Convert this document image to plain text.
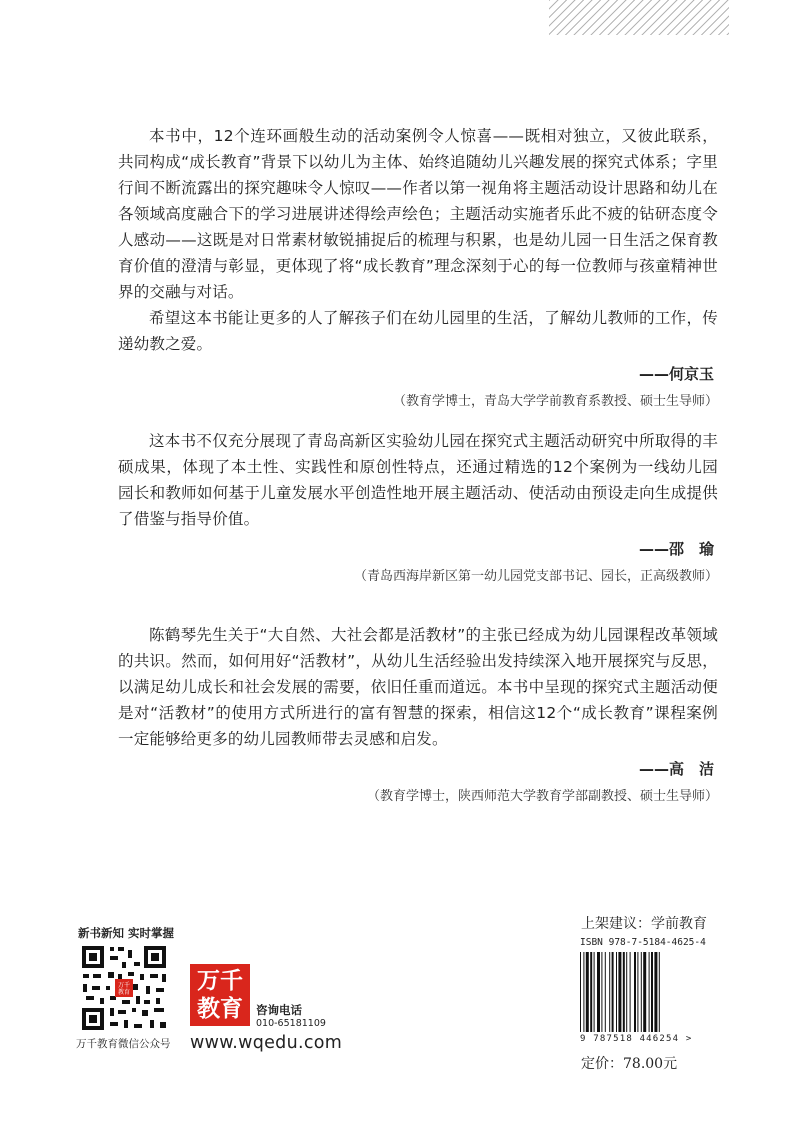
本书中，12个连环画般生动的活动案例令人惊喜——既相对独立，又彼此联系，共同构成“成长教育”背景下以幼儿为主体、始终追随幼儿兴趣发展的探究式体系；字里行间不断流露出的探究趣味令人惊叹——作者以第一视角将主题活动设计思路和幼儿在各领域高度融合下的学习进展讲述得绘声绘色；主题活动实施者乐此不疲的钻研态度令人感动——这既是对日常素材敏锐捕捉后的梳理与积累，也是幼儿园一日生活之保育教育价值的澄清与彰显，更体现了将“成长教育”理念深刻于心的每一位教师与孩童精神世界的交融与对话。

希望这本书能让更多的人了解孩子们在幼儿园里的生活，了解幼儿教师的工作，传递幼教之爱。

——何京玉
（教育学博士，青岛大学学前教育系教授、硕士生导师）

这本书不仅充分展现了青岛高新区实验幼儿园在探究式主题活动研究中所取得的丰硕成果，体现了本土性、实践性和原创性特点，还通过精选的12个案例为一线幼儿园园长和教师如何基于儿童发展水平创造性地开展主题活动、使活动由预设走向生成提供了借鉴与指导价值。

——邵　瑜
（青岛西海岸新区第一幼儿园党支部书记、园长，正高级教师）

陈鹤琴先生关于“大自然、大社会都是活教材”的主张已经成为幼儿园课程改革领域的共识。然而，如何用好“活教材”，从幼儿生活经验出发持续深入地开展探究与反思，以满足幼儿成长和社会发展的需要，依旧任重而道远。本书中呈现的探究式主题活动便是对“活教材”的使用方式所进行的富有智慧的探索，相信这12个“成长教育”课程案例一定能够给更多的幼儿园教师带去灵感和启发。

——高　洁
（教育学博士，陕西师范大学教育学部副教授、硕士生导师）
新书新知 实时掌握
万千
教育
万千教育微信公众号
万千
教育	咨询电话
010-65181109
www.wqedu.com
上架建议：学前教育
ISBN 978-7-5184-4625-4
9 787518 446254 >
定价：78.00元
